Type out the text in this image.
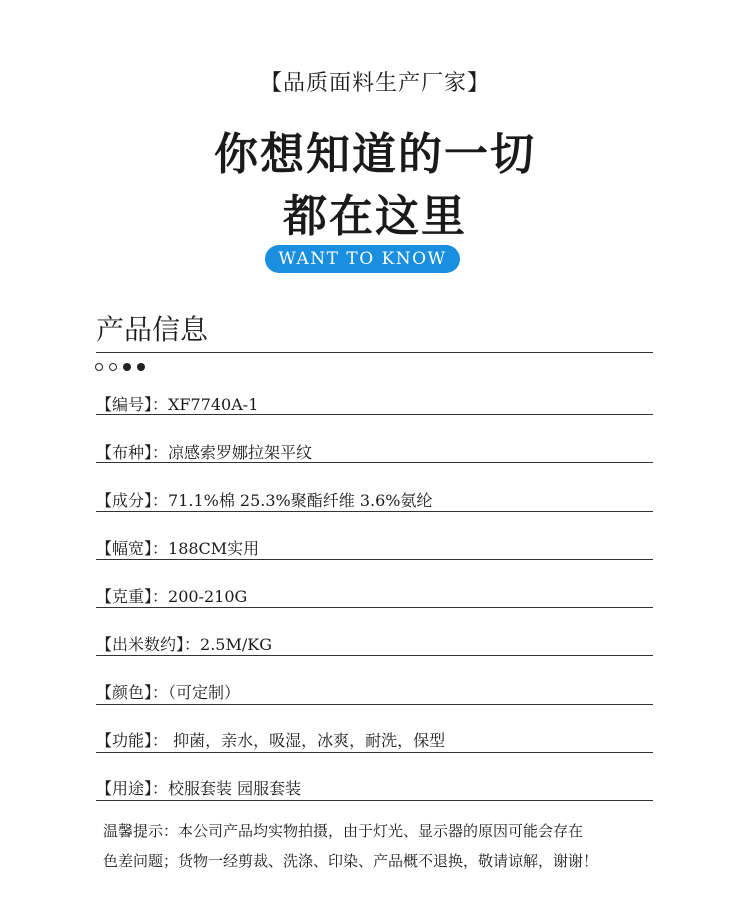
【品质面料生产厂家】
你想知道的一切
都在这里
WANT TO KNOW
产品信息
【编号】：XF7740A-1
【布种】：凉感索罗娜拉架平纹
【成分】：71.1%棉 25.3%聚酯纤维 3.6%氨纶
【幅宽】：188CM实用
【克重】：200-210G
【出米数约】：2.5M/KG
【颜色】：（可定制）
【功能】： 抑菌，亲水，吸湿，冰爽，耐洗，保型
【用途】：校服套装 园服套装
温馨提示：本公司产品均实物拍摄，由于灯光、显示器的原因可能会存在
色差问题；货物一经剪裁、洗涤、印染、产品概不退换，敬请谅解，谢谢！
